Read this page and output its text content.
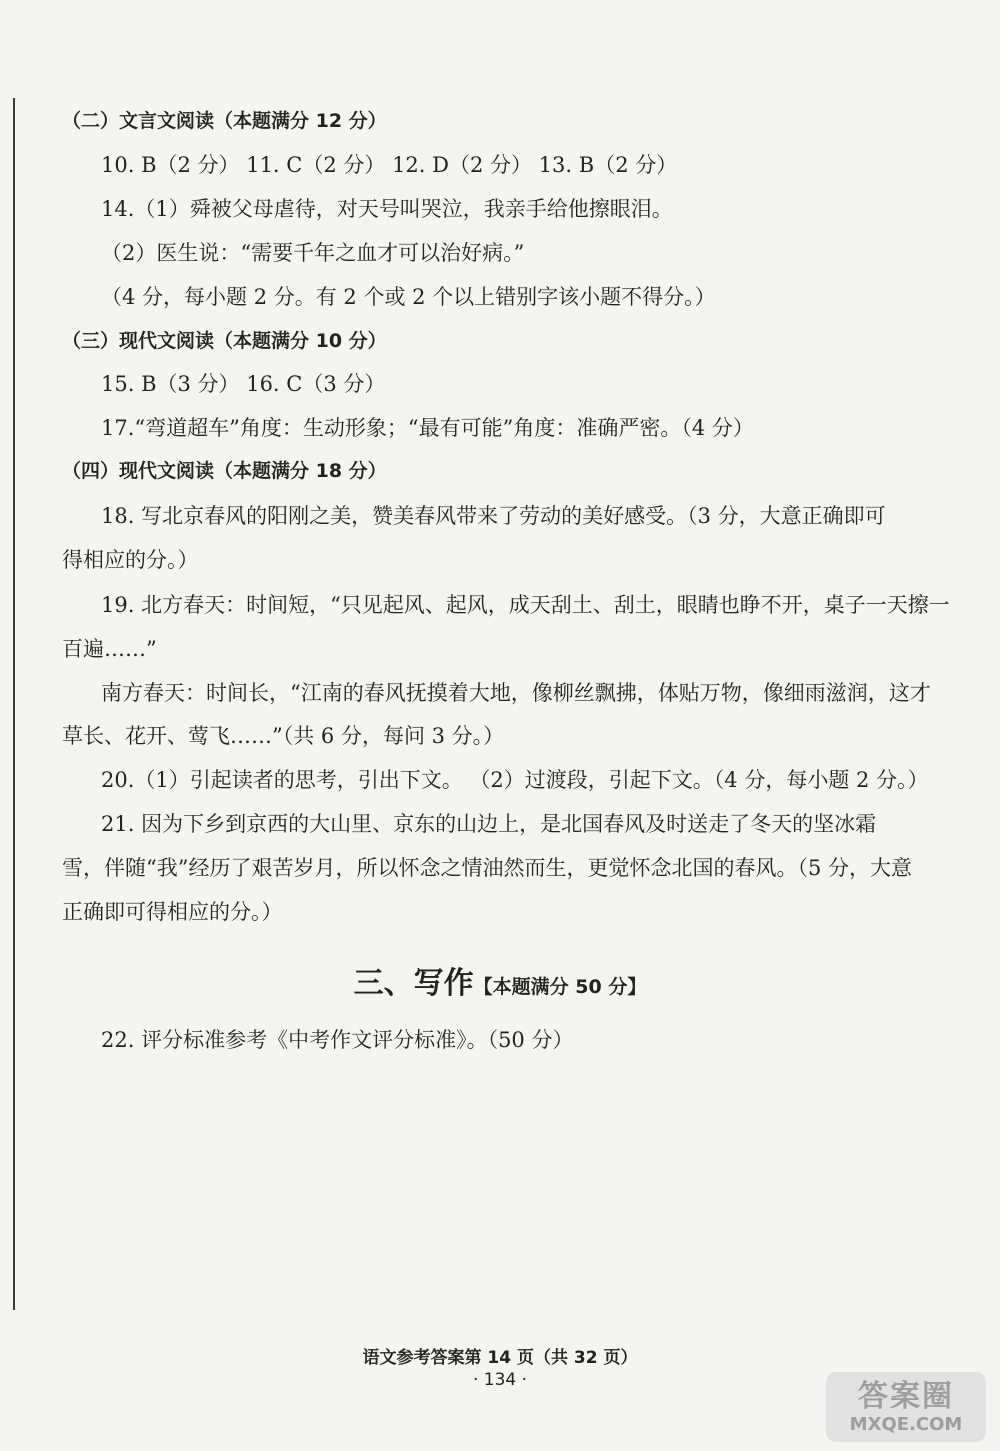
（二）文言文阅读（本题满分 12 分）
10. B（2 分） 11. C（2 分） 12. D（2 分） 13. B（2 分）
14.（1）舜被父母虐待，对天号叫哭泣，我亲手给他擦眼泪。
（2）医生说：“需要千年之血才可以治好病。”
（4 分，每小题 2 分。有 2 个或 2 个以上错别字该小题不得分。）
（三）现代文阅读（本题满分 10 分）
15. B（3 分） 16. C（3 分）
17.“弯道超车”角度：生动形象；“最有可能”角度：准确严密。（4 分）
（四）现代文阅读（本题满分 18 分）
18. 写北京春风的阳刚之美，赞美春风带来了劳动的美好感受。（3 分，大意正确即可
得相应的分。）
19. 北方春天：时间短，“只见起风、起风，成天刮土、刮土，眼睛也睁不开，桌子一天擦一
百遍……”
南方春天：时间长，“江南的春风抚摸着大地，像柳丝飘拂，体贴万物，像细雨滋润，这才
草长、花开、莺飞……”（共 6 分，每问 3 分。）
20.（1）引起读者的思考，引出下文。 （2）过渡段，引起下文。（4 分，每小题 2 分。）
21. 因为下乡到京西的大山里、京东的山边上，是北国春风及时送走了冬天的坚冰霜
雪，伴随“我”经历了艰苦岁月，所以怀念之情油然而生，更觉怀念北国的春风。（5 分，大意
正确即可得相应的分。）
三、写作【本题满分 50 分】
22. 评分标准参考《中考作文评分标准》。（50 分）
语文参考答案第 14 页（共 32 页）
· 134 ·	答案圈
MXQE.COM
